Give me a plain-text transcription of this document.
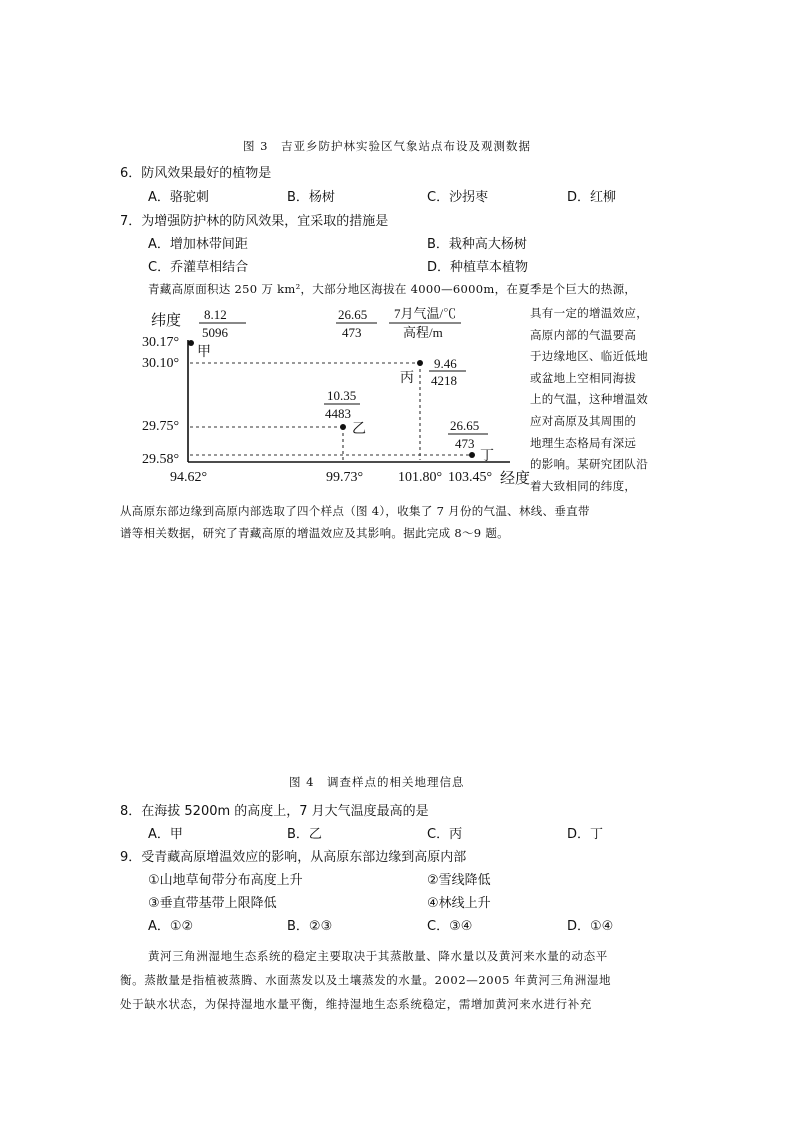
图 3　吉亚乡防护林实验区气象站点布设及观测数据
6．防风效果最好的植物是
A．骆驼刺	B．杨树	C．沙拐枣	D．红柳
7．为增强防护林的防风效果，宜采取的措施是
A．增加林带间距	B．栽种高大杨树
C．乔灌草相结合	D．种植草本植物
青藏高原面积达 250 万 km²，大部分地区海拔在 4000—6000m，在夏季是个巨大的热源，
具有一定的增温效应，
高原内部的气温要高
于边缘地区、临近低地
或盆地上空相同海拔
上的气温，这种增温效
应对高原及其周围的
地理生态格局有深远
的影响。某研究团队沿
着大致相同的纬度，
从高原东部边缘到高原内部选取了四个样点（图 4），收集了 7 月份的气温、林线、垂直带
谱等相关数据，研究了青藏高原的增温效应及其影响。据此完成 8～9 题。
纬度
经度
30.17°
30.10°
29.75°
29.58°
94.62°	99.73° 101.80° 103.45°
甲
8.12
5096
26.65
473
7月气温/℃
高程/m
10.35
4483
乙
丙
9.46
4218
26.65
473
丁
图 4　调查样点的相关地理信息
8．在海拔 5200m 的高度上，7 月大气温度最高的是
A．甲	B．乙	C．丙	D．丁
9．受青藏高原增温效应的影响，从高原东部边缘到高原内部
①山地草甸带分布高度上升	②雪线降低
③垂直带基带上限降低	④林线上升
A．①②	B．②③	C．③④	D．①④
黄河三角洲湿地生态系统的稳定主要取决于其蒸散量、降水量以及黄河来水量的动态平
衡。蒸散量是指植被蒸腾、水面蒸发以及土壤蒸发的水量。2002—2005 年黄河三角洲湿地
处于缺水状态，为保持湿地水量平衡，维持湿地生态系统稳定，需增加黄河来水进行补充
